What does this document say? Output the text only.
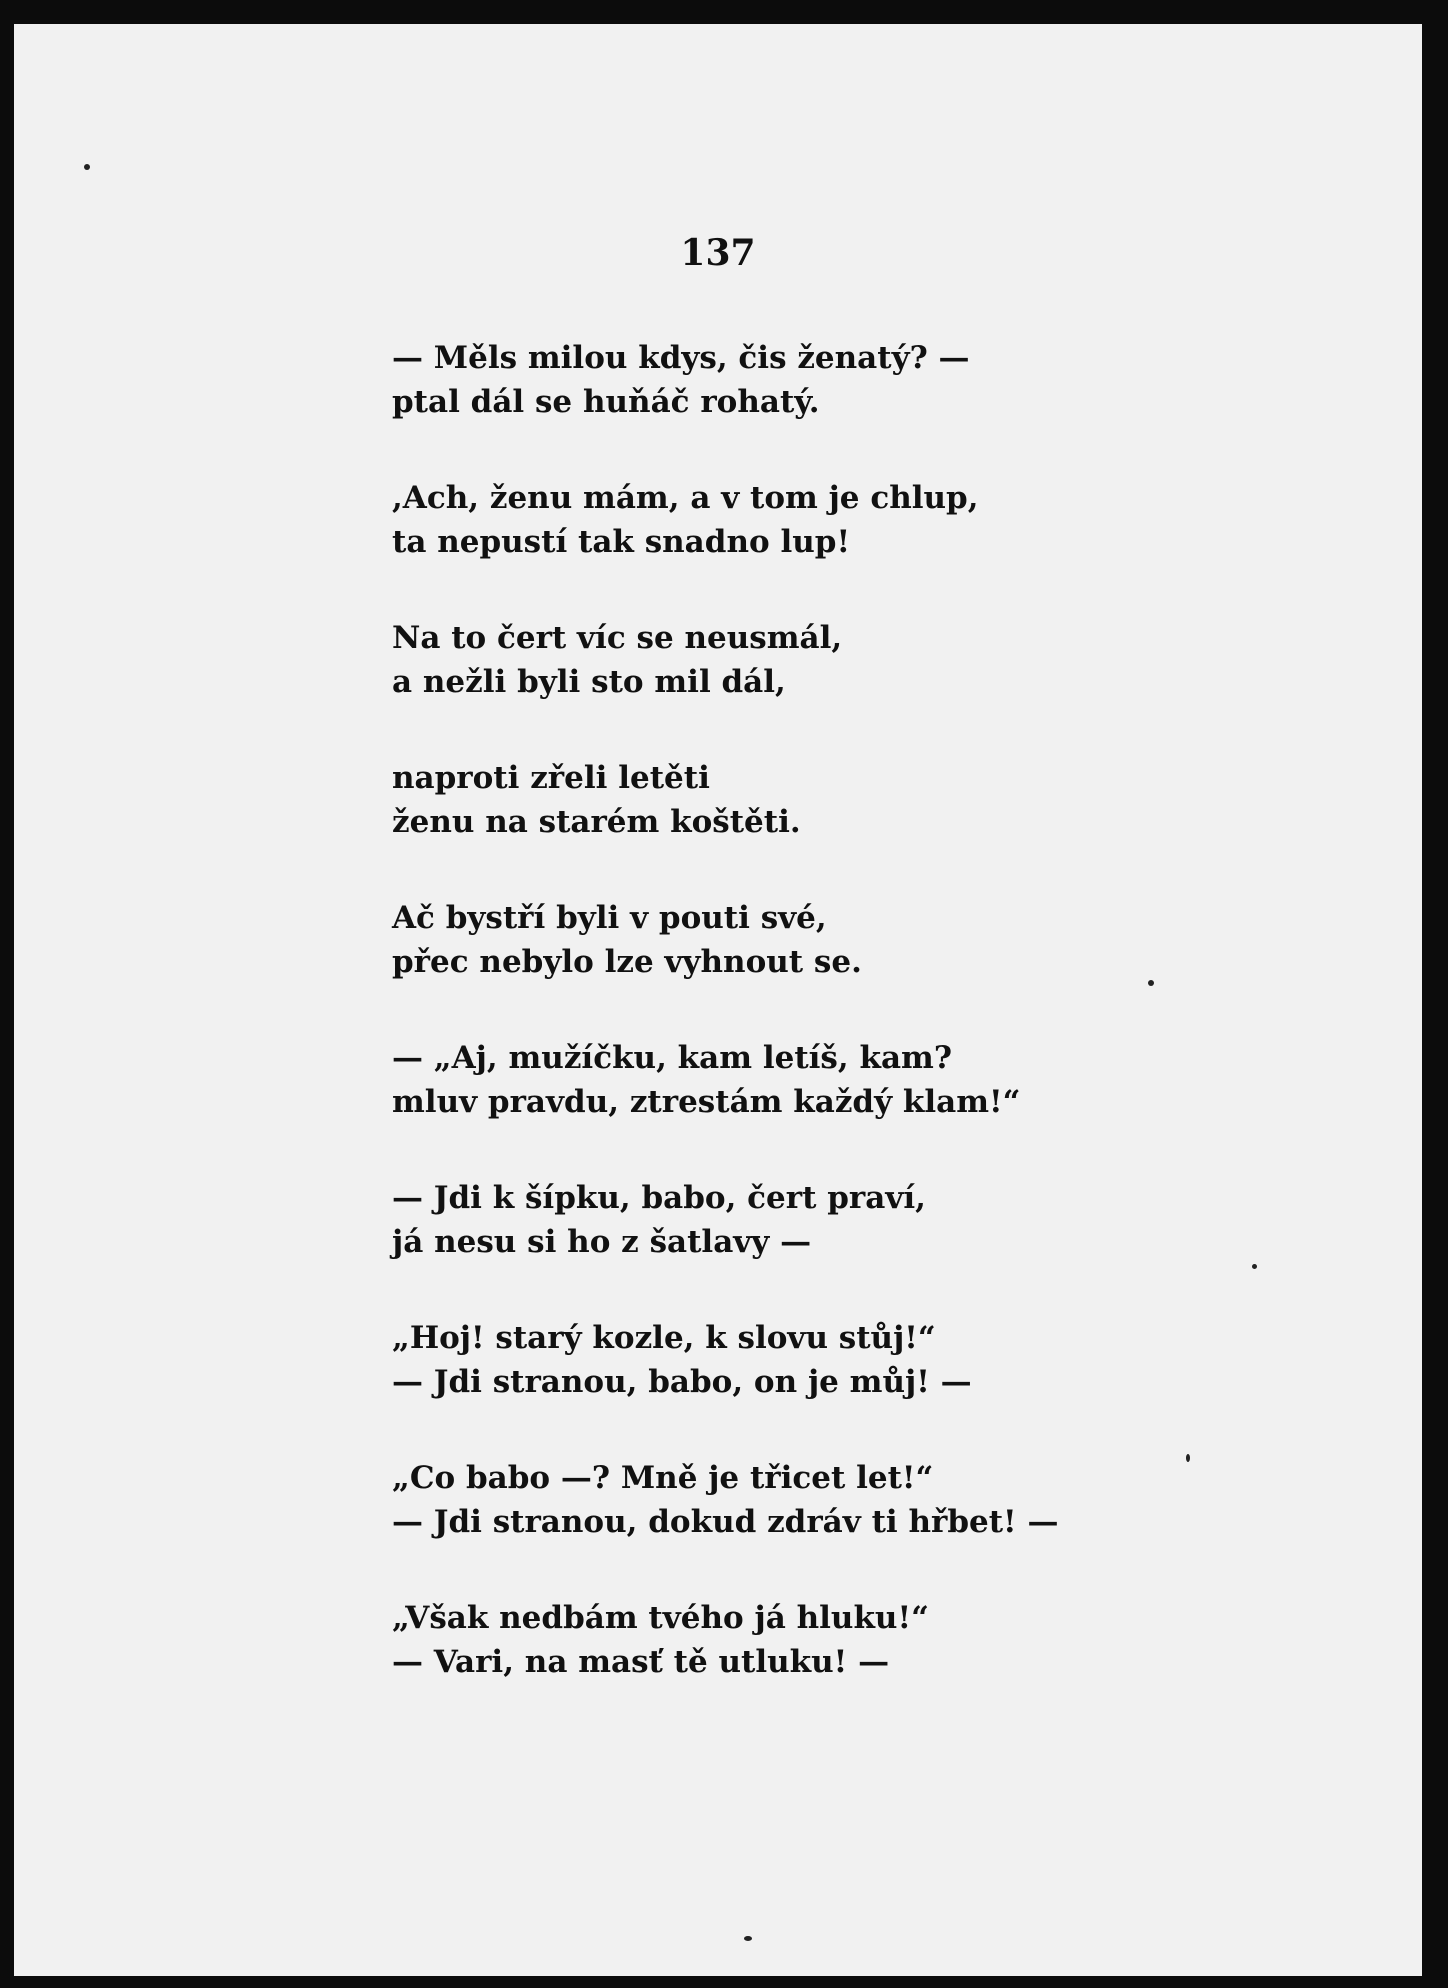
137
— Měls milou kdys, čis ženatý? —
ptal dál se huňáč rohatý.
,Ach, ženu mám, a v tom je chlup,
ta nepustí tak snadno lup!
Na to čert víc se neusmál,
a nežli byli sto mil dál,
naproti zřeli letěti
ženu na starém koštěti.
Ač bystří byli v pouti své,
přec nebylo lze vyhnout se.
— „Aj, mužíčku, kam letíš, kam?
mluv pravdu, ztrestám každý klam!“
— Jdi k šípku, babo, čert praví,
já nesu si ho z šatlavy —
„Hoj! starý kozle, k slovu stůj!“
— Jdi stranou, babo, on je můj! —
„Co babo —? Mně je třicet let!“
— Jdi stranou, dokud zdráv ti hřbet! —
„Však nedbám tvého já hluku!“
— Vari, na masť tě utluku! —
